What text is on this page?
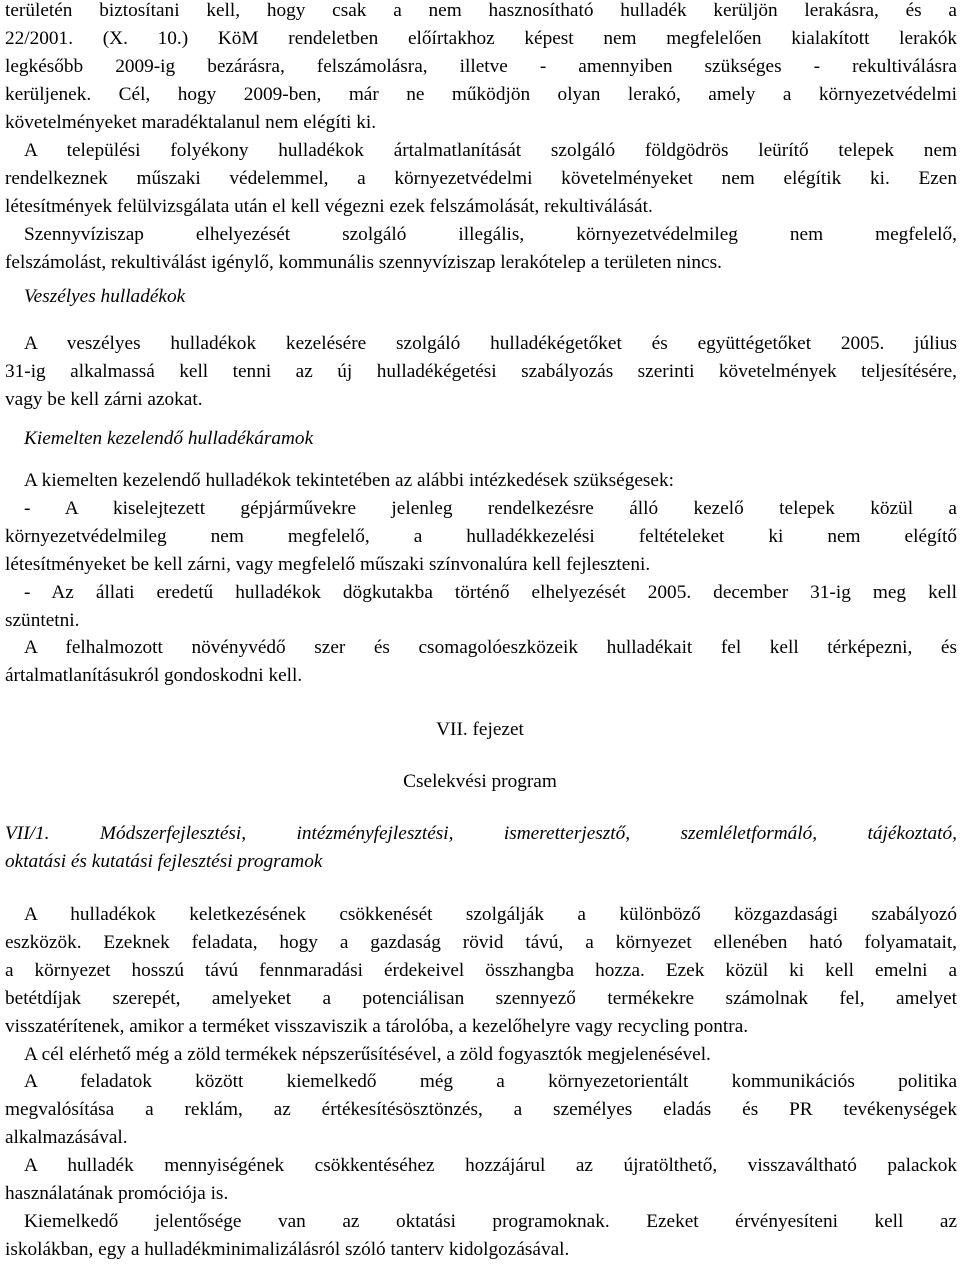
területén biztosítani kell, hogy csak a nem hasznosítható hulladék kerüljön lerakásra, és a
22/2001. (X. 10.) KöM rendeletben előírtakhoz képest nem megfelelően kialakított lerakók
legkésőbb 2009-ig bezárásra, felszámolásra, illetve - amennyiben szükséges - rekultiválásra
kerüljenek. Cél, hogy 2009-ben, már ne működjön olyan lerakó, amely a környezetvédelmi
követelményeket maradéktalanul nem elégíti ki.
A települési folyékony hulladékok ártalmatlanítását szolgáló földgödrös leürítő telepek nem
rendelkeznek műszaki védelemmel, a környezetvédelmi követelményeket nem elégítik ki. Ezen
létesítmények felülvizsgálata után el kell végezni ezek felszámolását, rekultiválását.
Szennyvíziszap elhelyezését szolgáló illegális, környezetvédelmileg nem megfelelő,
felszámolást, rekultiválást igénylő, kommunális szennyvíziszap lerakótelep a területen nincs.
Veszélyes hulladékok
A veszélyes hulladékok kezelésére szolgáló hulladékégetőket és együttégetőket 2005. július
31-ig alkalmassá kell tenni az új hulladékégetési szabályozás szerinti követelmények teljesítésére,
vagy be kell zárni azokat.
Kiemelten kezelendő hulladékáramok
A kiemelten kezelendő hulladékok tekintetében az alábbi intézkedések szükségesek:
- A kiselejtezett gépjárművekre jelenleg rendelkezésre álló kezelő telepek közül a
környezetvédelmileg nem megfelelő, a hulladékkezelési feltételeket ki nem elégítő
létesítményeket be kell zárni, vagy megfelelő műszaki színvonalúra kell fejleszteni.
- Az állati eredetű hulladékok dögkutakba történő elhelyezését 2005. december 31-ig meg kell
szüntetni.
A felhalmozott növényvédő szer és csomagolóeszközeik hulladékait fel kell térképezni, és
ártalmatlanításukról gondoskodni kell.
VII. fejezet
Cselekvési program
VII/1. Módszerfejlesztési, intézményfejlesztési, ismeretterjesztő, szemléletformáló, tájékoztató,
oktatási és kutatási fejlesztési programok
A hulladékok keletkezésének csökkenését szolgálják a különböző közgazdasági szabályozó
eszközök. Ezeknek feladata, hogy a gazdaság rövid távú, a környezet ellenében ható folyamatait,
a környezet hosszú távú fennmaradási érdekeivel összhangba hozza. Ezek közül ki kell emelni a
betétdíjak szerepét, amelyeket a potenciálisan szennyező termékekre számolnak fel, amelyet
visszatérítenek, amikor a terméket visszaviszik a tárolóba, a kezelőhelyre vagy recycling pontra.
A cél elérhető még a zöld termékek népszerűsítésével, a zöld fogyasztók megjelenésével.
A feladatok között kiemelkedő még a környezetorientált kommunikációs politika
megvalósítása a reklám, az értékesítésösztönzés, a személyes eladás és PR tevékenységek
alkalmazásával.
A hulladék mennyiségének csökkentéséhez hozzájárul az újratölthető, visszaváltható palackok
használatának promóciója is.
Kiemelkedő jelentősége van az oktatási programoknak. Ezeket érvényesíteni kell az
iskolákban, egy a hulladékminimalizálásról szóló tanterv kidolgozásával.
